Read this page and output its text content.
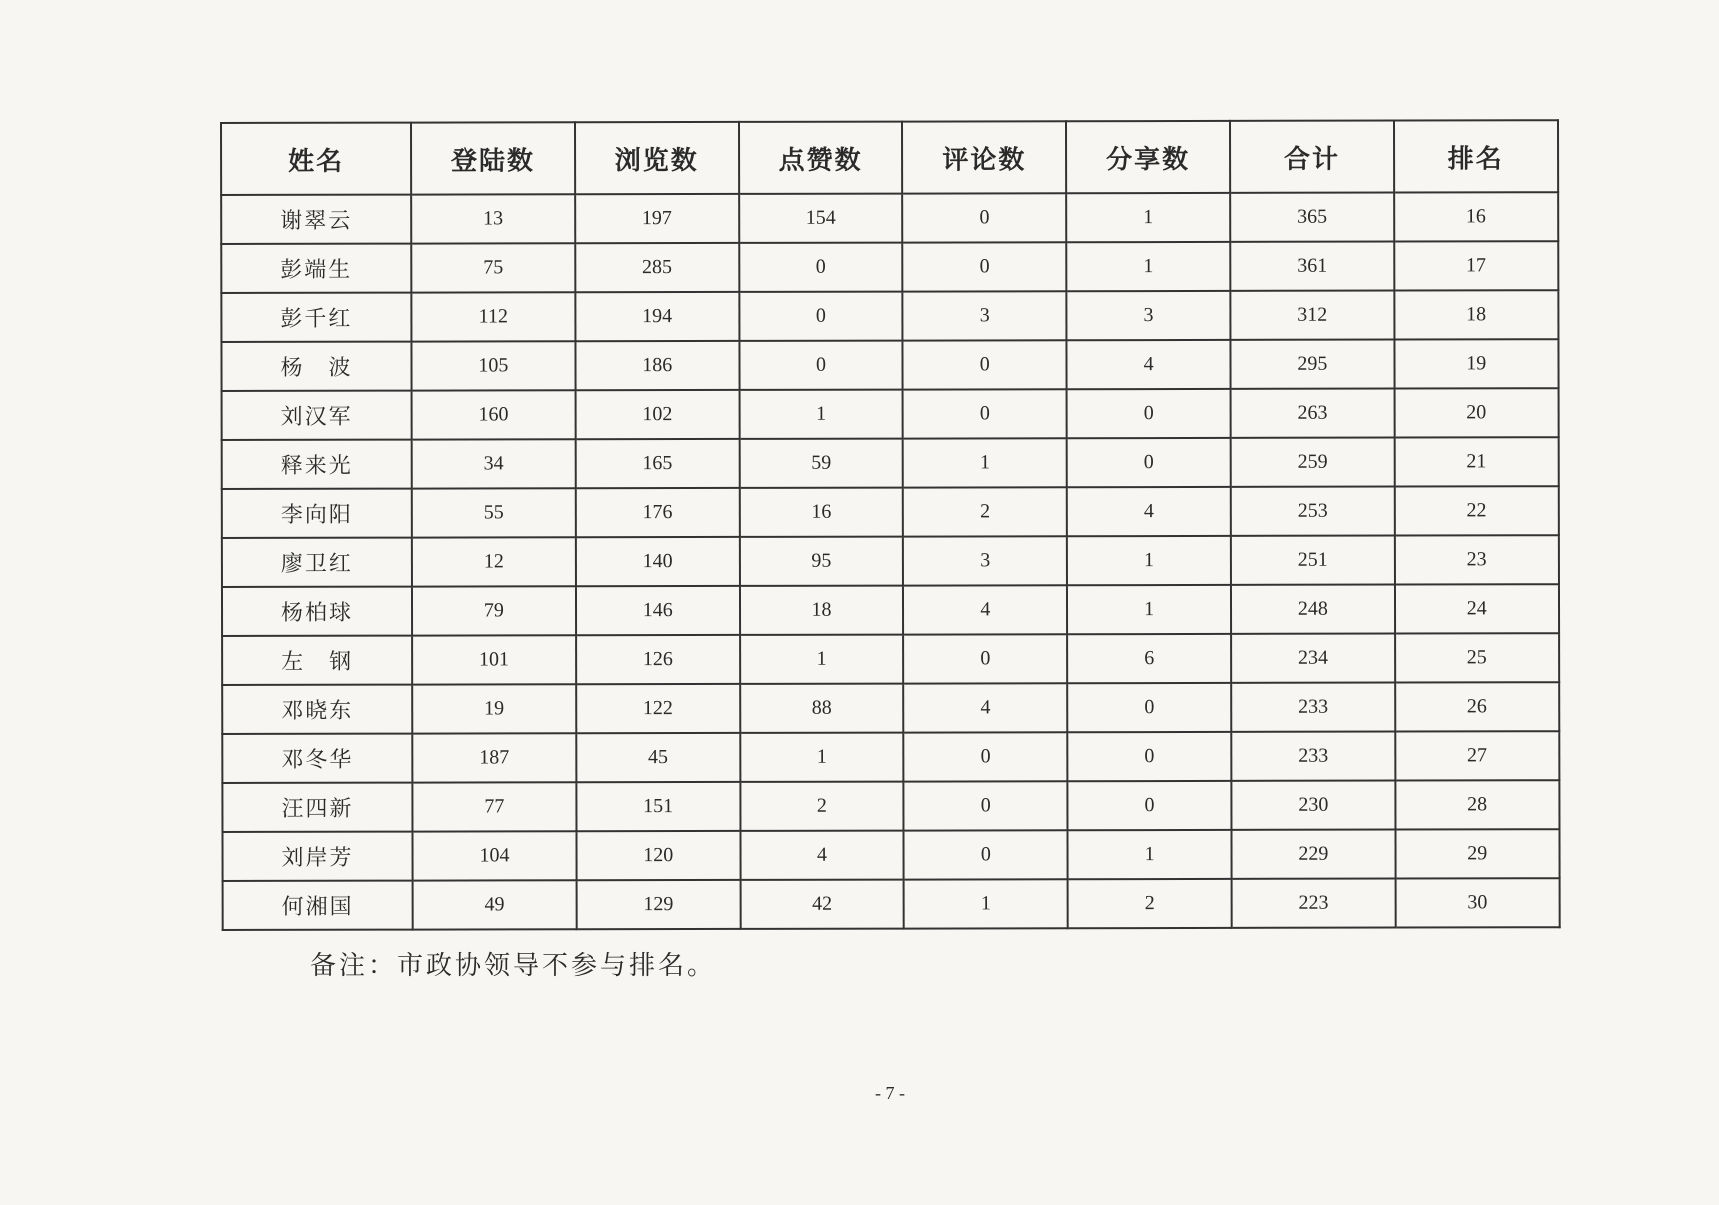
姓名	登陆数	浏览数	点赞数	评论数	分享数	合计	排名
谢翠云	13	197	154	0	1	365	16
彭端生	75	285	0	0	1	361	17
彭千红	112	194	0	3	3	312	18
杨　波	105	186	0	0	4	295	19
刘汉军	160	102	1	0	0	263	20
释来光	34	165	59	1	0	259	21
李向阳	55	176	16	2	4	253	22
廖卫红	12	140	95	3	1	251	23
杨柏球	79	146	18	4	1	248	24
左　钢	101	126	1	0	6	234	25
邓晓东	19	122	88	4	0	233	26
邓冬华	187	45	1	0	0	233	27
汪四新	77	151	2	0	0	230	28
刘岸芳	104	120	4	0	1	229	29
何湘国	49	129	42	1	2	223	30
备注：市政协领导不参与排名。
- 7 -
